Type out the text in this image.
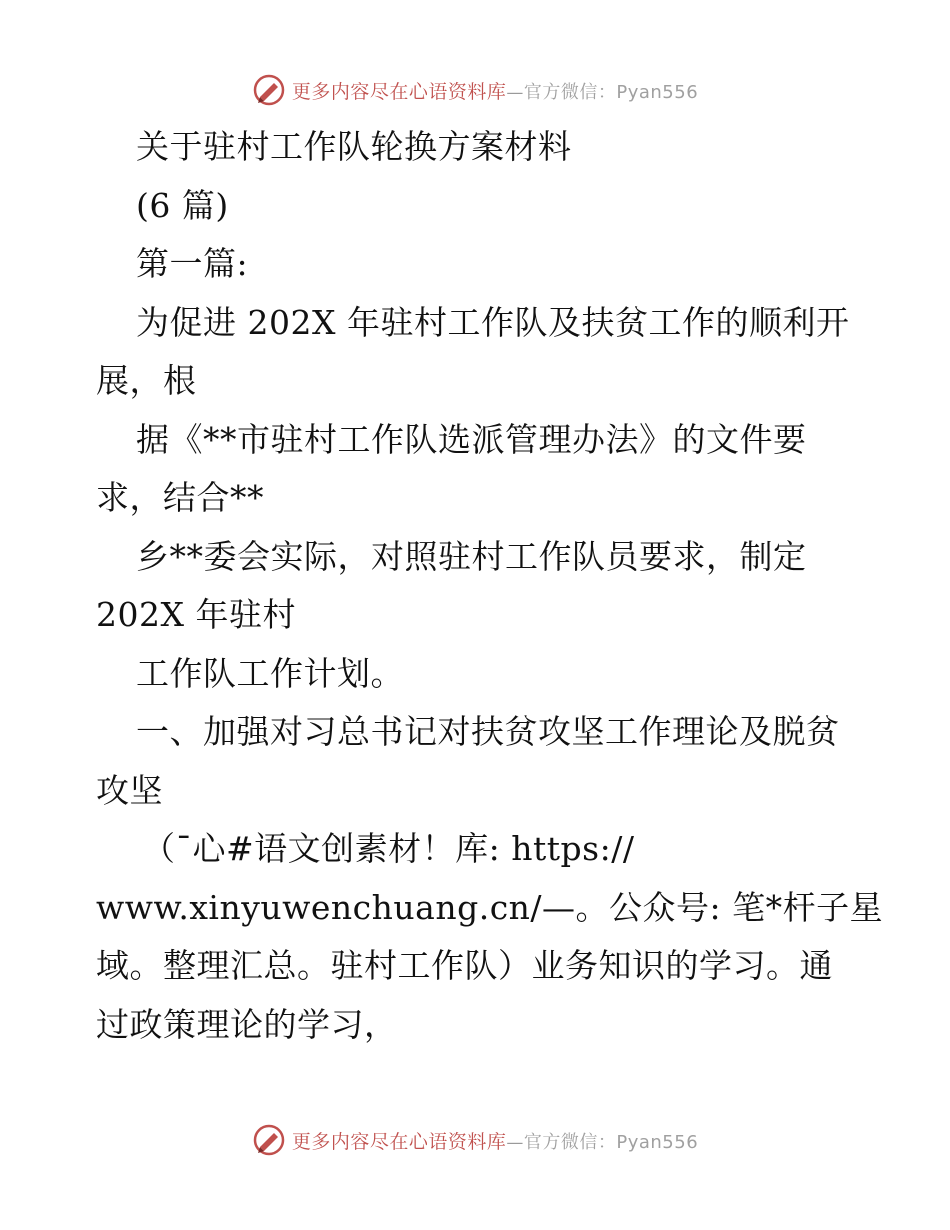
更多内容尽在心语资料库—官方微信：Pyan556
关于驻村工作队轮换方案材料
(6 篇)
第一篇:
为促进 202X 年驻村工作队及扶贫工作的顺利开
展，根
据《**市驻村工作队选派管理办法》的文件要
求，结合**
乡**委会实际，对照驻村工作队员要求，制定
202X 年驻村
工作队工作计划。
一、加强对习总书记对扶贫攻坚工作理论及脱贫
攻坚
（¯心#语文创素材！库: https://
www.xinyuwenchuang.cn/—。公众号: 笔*杆子星
域。整理汇总。驻村工作队）业务知识的学习。通
过政策理论的学习，
更多内容尽在心语资料库—官方微信：Pyan556
